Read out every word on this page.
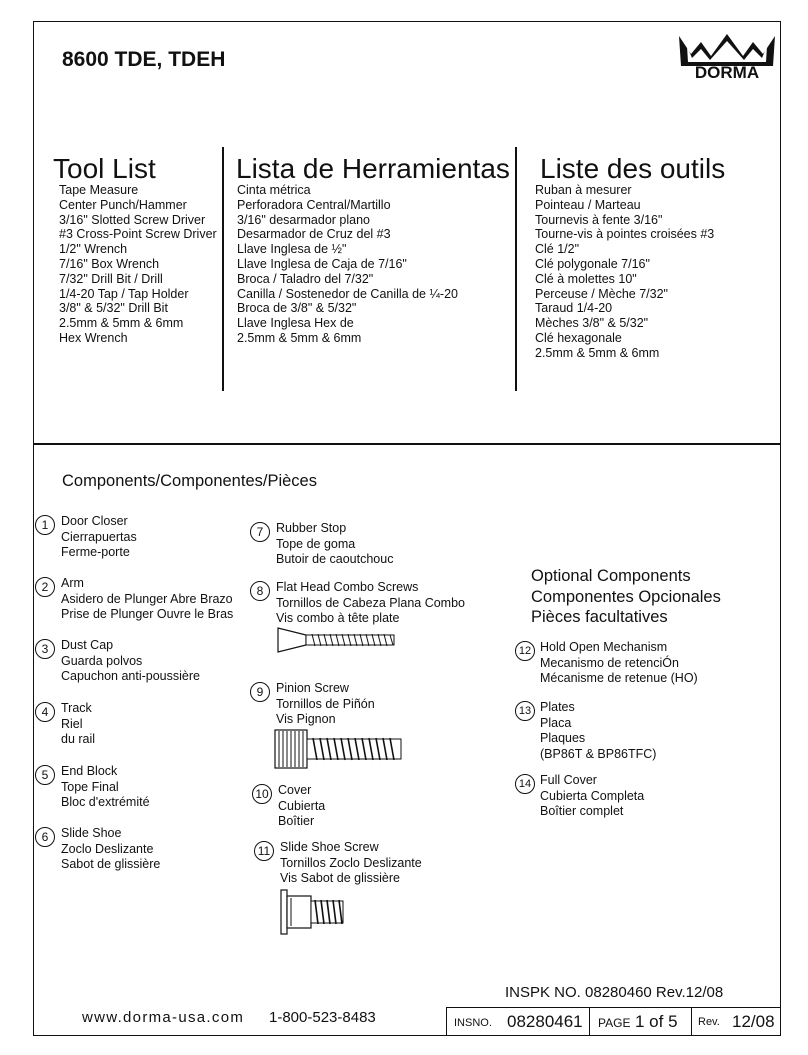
8600 TDE, TDEH
DORMA
Tool List
Tape Measure
Center Punch/Hammer
3/16" Slotted Screw Driver
#3 Cross-Point Screw Driver
1/2" Wrench
7/16" Box Wrench
7/32" Drill Bit / Drill
1/4-20 Tap / Tap Holder
3/8" & 5/32" Drill Bit
2.5mm & 5mm & 6mm
Hex Wrench
Lista de Herramientas
Cinta métrica
Perforadora Central/Martillo
3/16" desarmador plano
Desarmador de Cruz del #3
Llave Inglesa de ½"
Llave Inglesa de Caja de 7/16"
Broca / Taladro del 7/32"
Canilla / Sostenedor de Canilla de ¼-20
Broca de 3/8" & 5/32"
Llave Inglesa Hex de
2.5mm & 5mm & 6mm
Liste des outils
Ruban à mesurer
Pointeau / Marteau
Tournevis à fente 3/16"
Tourne-vis à pointes croisées #3
Clé 1/2"
Clé polygonale 7/16"
Clé à molettes 10"
Perceuse / Mèche 7/32"
Taraud 1/4-20
Mèches 3/8" & 5/32"
Clé hexagonale
2.5mm & 5mm & 6mm
Components/Componentes/Pièces
1	Door Closer
Cierrapuertas
Ferme-porte
2	Arm
Asidero de Plunger Abre Brazo
Prise de Plunger Ouvre le Bras
3	Dust Cap
Guarda polvos
Capuchon anti-poussière
4	Track
Riel
du rail
5	End Block
Tope Final
Bloc d'extrémité
6	Slide Shoe
Zoclo Deslizante
Sabot de glissière
7	Rubber Stop
Tope de goma
Butoir de caoutchouc
8	Flat Head Combo Screws
Tornillos de Cabeza Plana Combo
Vis combo à tête plate
9	Pinion Screw
Tornillos de Piñón
Vis Pignon
10 Cover
Cubierta
Boîtier
11 Slide Shoe Screw
Tornillos Zoclo Deslizante
Vis Sabot de glissière
Optional Components
Componentes Opcionales
Pièces facultatives
12 Hold Open Mechanism
Mecanismo de retenciÓn
Mécanisme de retenue (HO)
13 Plates
Placa
Plaques
(BP86T & BP86TFC)
14 Full Cover
Cubierta Completa
Boîtier complet
INSPK NO. 08280460 Rev.12/08
www.dorma-usa.com 1-800-523-8483	INSNO. 08280461 PAGE 1 of 5 Rev. 12/08
